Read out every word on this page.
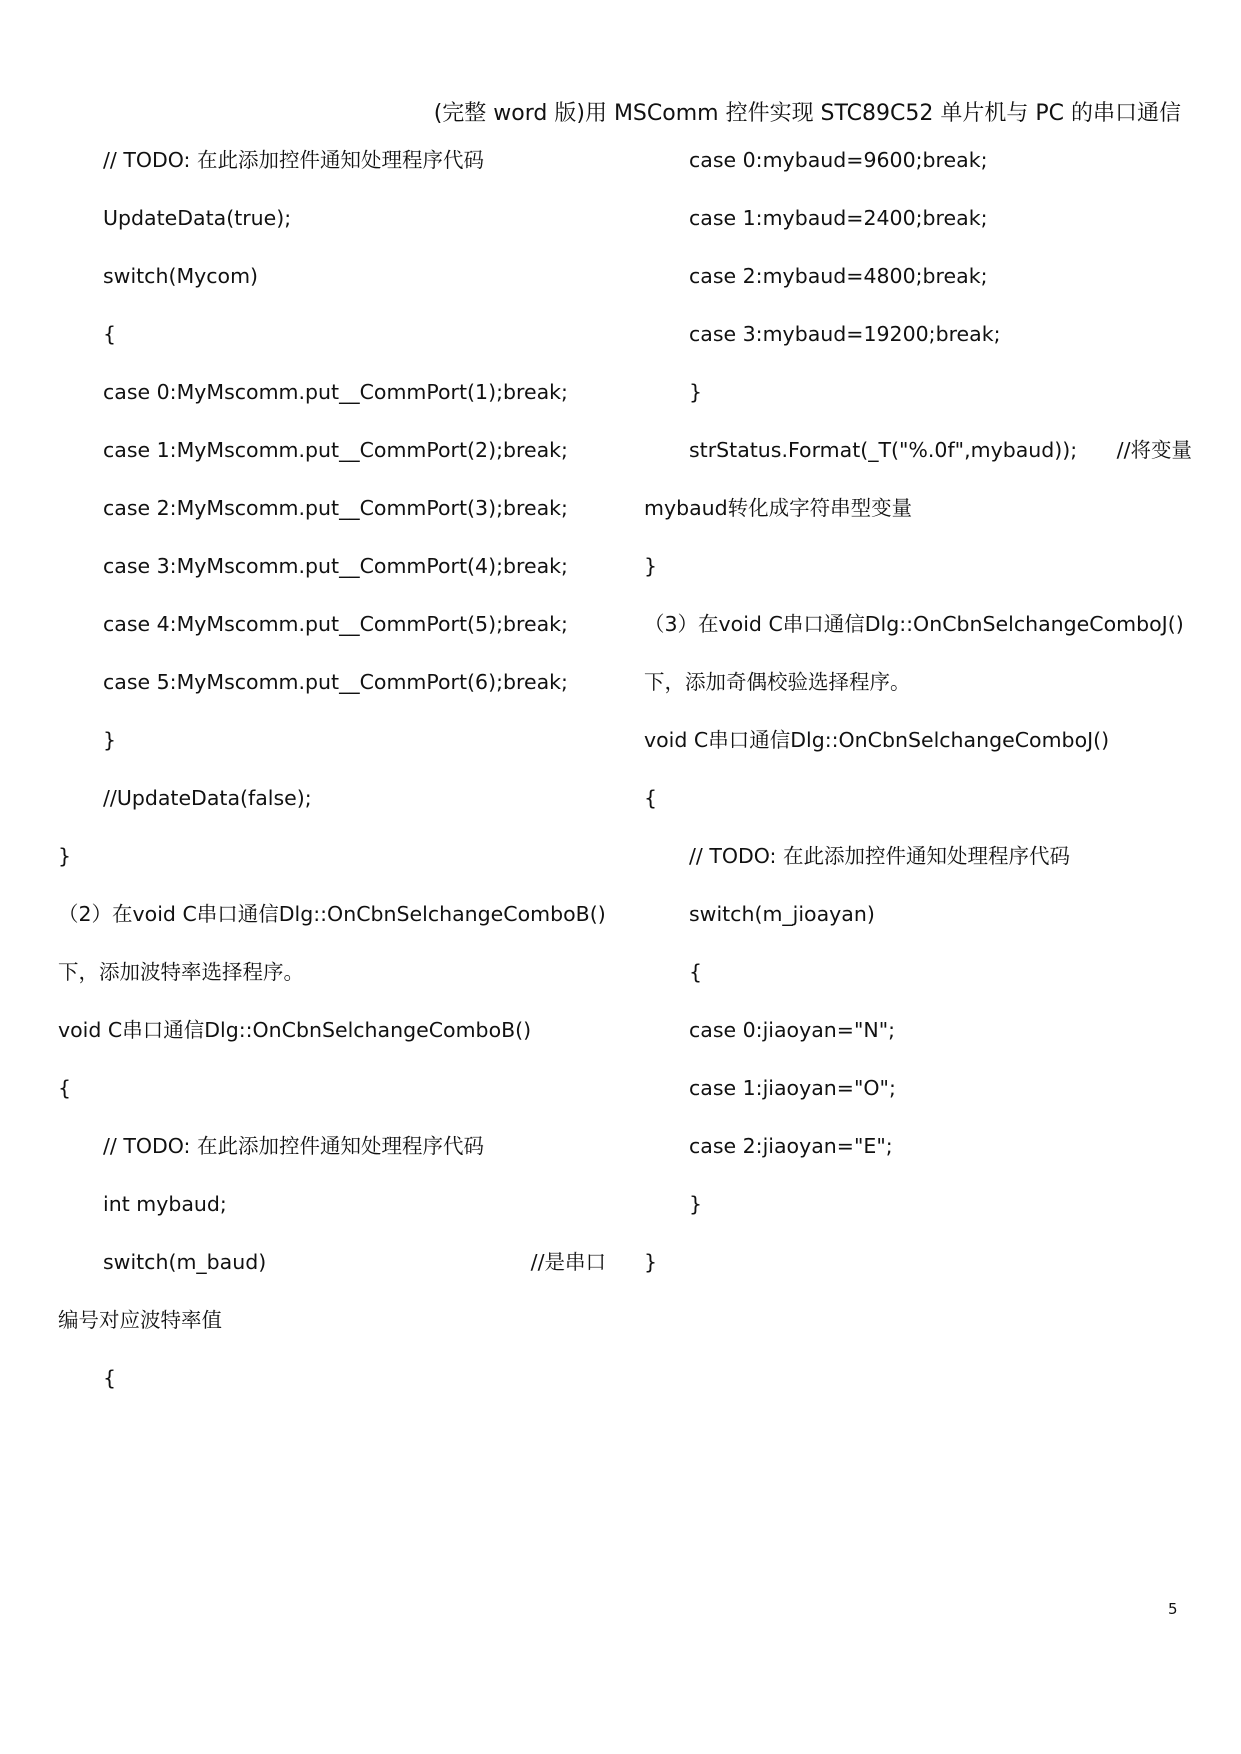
(完整 word 版)用 MSComm 控件实现 STC89C52 单片机与 PC 的串口通信
// TODO: 在此添加控件通知处理程序代码
UpdateData(true);
switch(Mycom)
{
case 0:MyMscomm.put__CommPort(1);break;
case 1:MyMscomm.put__CommPort(2);break;
case 2:MyMscomm.put__CommPort(3);break;
case 3:MyMscomm.put__CommPort(4);break;
case 4:MyMscomm.put__CommPort(5);break;
case 5:MyMscomm.put__CommPort(6);break;
}
//UpdateData(false);
}
（2）在void C串口通信Dlg::OnCbnSelchangeComboB()
下，添加波特率选择程序。
void C串口通信Dlg::OnCbnSelchangeComboB()
{
// TODO: 在此添加控件通知处理程序代码
int mybaud;
switch(m_baud)	//是串口
编号对应波特率值
{
case 0:mybaud=9600;break;
case 1:mybaud=2400;break;
case 2:mybaud=4800;break;
case 3:mybaud=19200;break;
}
strStatus.Format(_T("%.0f",mybaud)); //将变量
mybaud转化成字符串型变量
}
（3）在void C串口通信Dlg::OnCbnSelchangeComboJ()
下，添加奇偶校验选择程序。
void C串口通信Dlg::OnCbnSelchangeComboJ()
{
// TODO: 在此添加控件通知处理程序代码
switch(m_jioayan)
{
case 0:jiaoyan="N";
case 1:jiaoyan="O";
case 2:jiaoyan="E";
}
}
5
